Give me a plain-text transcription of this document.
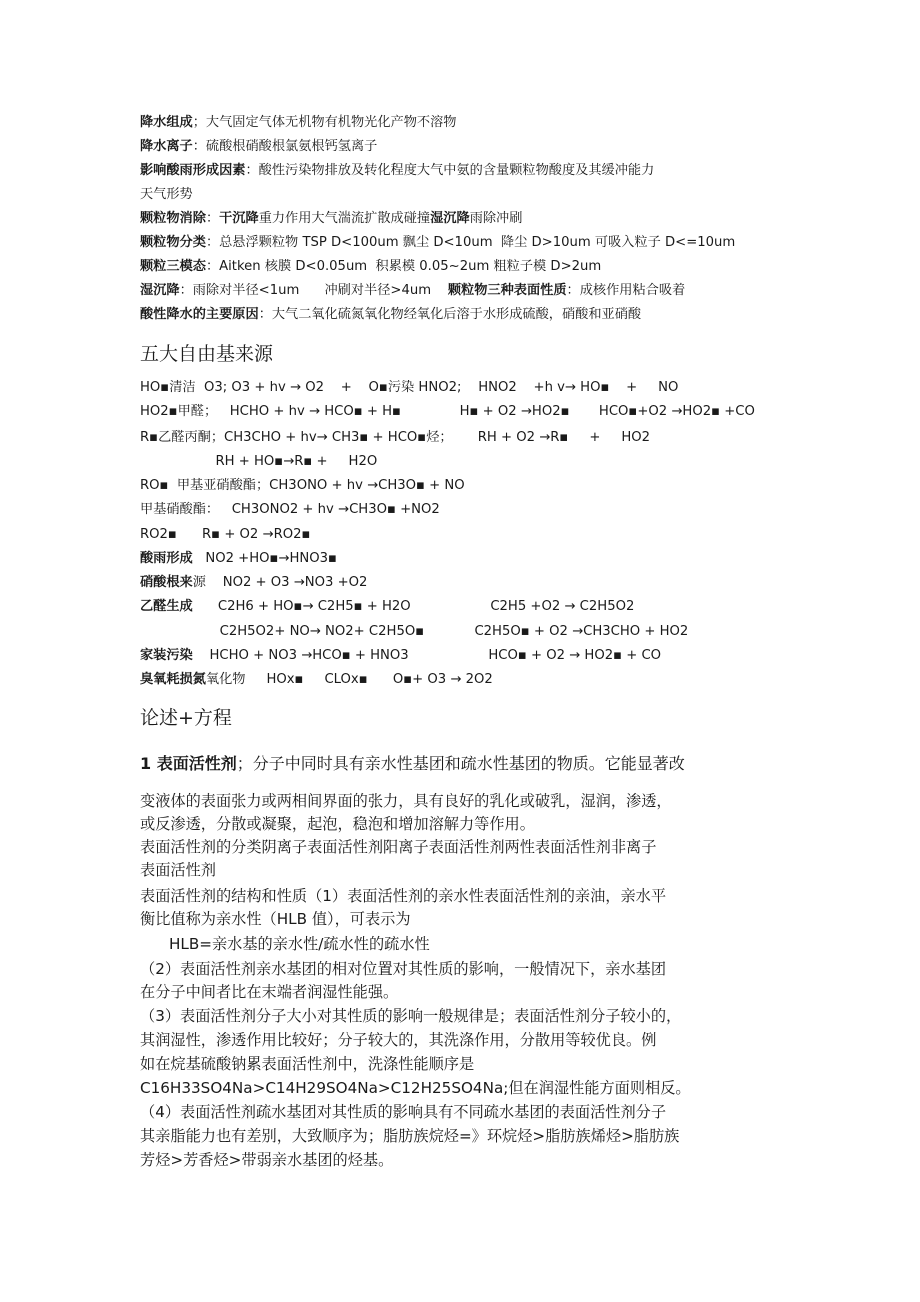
降水组成；大气固定气体无机物有机物光化产物不溶物
降水离子：硫酸根硝酸根氯氨根钙氢离子
影响酸雨形成因素：酸性污染物排放及转化程度大气中氨的含量颗粒物酸度及其缓冲能力
天气形势
颗粒物消除：干沉降重力作用大气湍流扩散成碰撞湿沉降雨除冲刷
颗粒物分类：总悬浮颗粒物 TSP D<100um 飘尘 D<10um  降尘 D>10um 可吸入粒子 D<=10um
颗粒三模态：Aitken 核膜 D<0.05um  积累模 0.05~2um 粗粒子模 D>2um
湿沉降：雨除对半径<1um      冲刷对半径>4um    颗粒物三种表面性质：成核作用粘合吸着
酸性降水的主要原因：大气二氧化硫氮氧化物经氧化后溶于水形成硫酸，硝酸和亚硝酸
五大自由基来源
HO▪清洁  O3; O3 + hv → O2    +    O▪污染 HNO2;    HNO2    +h v→ HO▪    +     NO
HO2▪甲醛；   HCHO + hv → HCO▪ + H▪              H▪ + O2 →HO2▪       HCO▪+O2 →HO2▪ +CO
R▪乙醛丙酮；CH3CHO + hv→ CH3▪ + HCO▪烃；      RH + O2 →R▪     +     HO2
RH + HO▪→R▪ +     H2O
RO▪  甲基亚硝酸酯；CH3ONO + hv →CH3O▪ + NO
甲基硝酸酯：   CH3ONO2 + hv →CH3O▪ +NO2
RO2▪      R▪ + O2 →RO2▪
酸雨形成   NO2 +HO▪→HNO3▪
硝酸根来源    NO2 + O3 →NO3 +O2
乙醛生成      C2H6 + HO▪→ C2H5▪ + H2O                   C2H5 +O2 → C2H5O2
C2H5O2+ NO→ NO2+ C2H5O▪            C2H5O▪ + O2 →CH3CHO + HO2
家装污染    HCHO + NO3 →HCO▪ + HNO3                   HCO▪ + O2 → HO2▪ + CO
臭氧耗损氮氧化物     HOx▪     CLOx▪      O▪+ O3 → 2O2
论述+方程
1 表面活性剂；分子中同时具有亲水性基团和疏水性基团的物质。它能显著改
变液体的表面张力或两相间界面的张力，具有良好的乳化或破乳，湿润，渗透，
或反渗透，分散或凝聚，起泡，稳泡和增加溶解力等作用。
表面活性剂的分类阴离子表面活性剂阳离子表面活性剂两性表面活性剂非离子
表面活性剂
表面活性剂的结构和性质（1）表面活性剂的亲水性表面活性剂的亲油，亲水平
衡比值称为亲水性（HLB 值），可表示为
HLB=亲水基的亲水性/疏水性的疏水性
（2）表面活性剂亲水基团的相对位置对其性质的影响，一般情况下，亲水基团
在分子中间者比在末端者润湿性能强。
（3）表面活性剂分子大小对其性质的影响一般规律是；表面活性剂分子较小的，
其润湿性，渗透作用比较好；分子较大的，其洗涤作用，分散用等较优良。例
如在烷基硫酸钠累表面活性剂中，洗涤性能顺序是
C16H33SO4Na>C14H29SO4Na>C12H25SO4Na;但在润湿性能方面则相反。
（4）表面活性剂疏水基团对其性质的影响具有不同疏水基团的表面活性剂分子
其亲脂能力也有差别，大致顺序为；脂肪族烷烃=》环烷烃>脂肪族烯烃>脂肪族
芳烃>芳香烃>带弱亲水基团的烃基。
